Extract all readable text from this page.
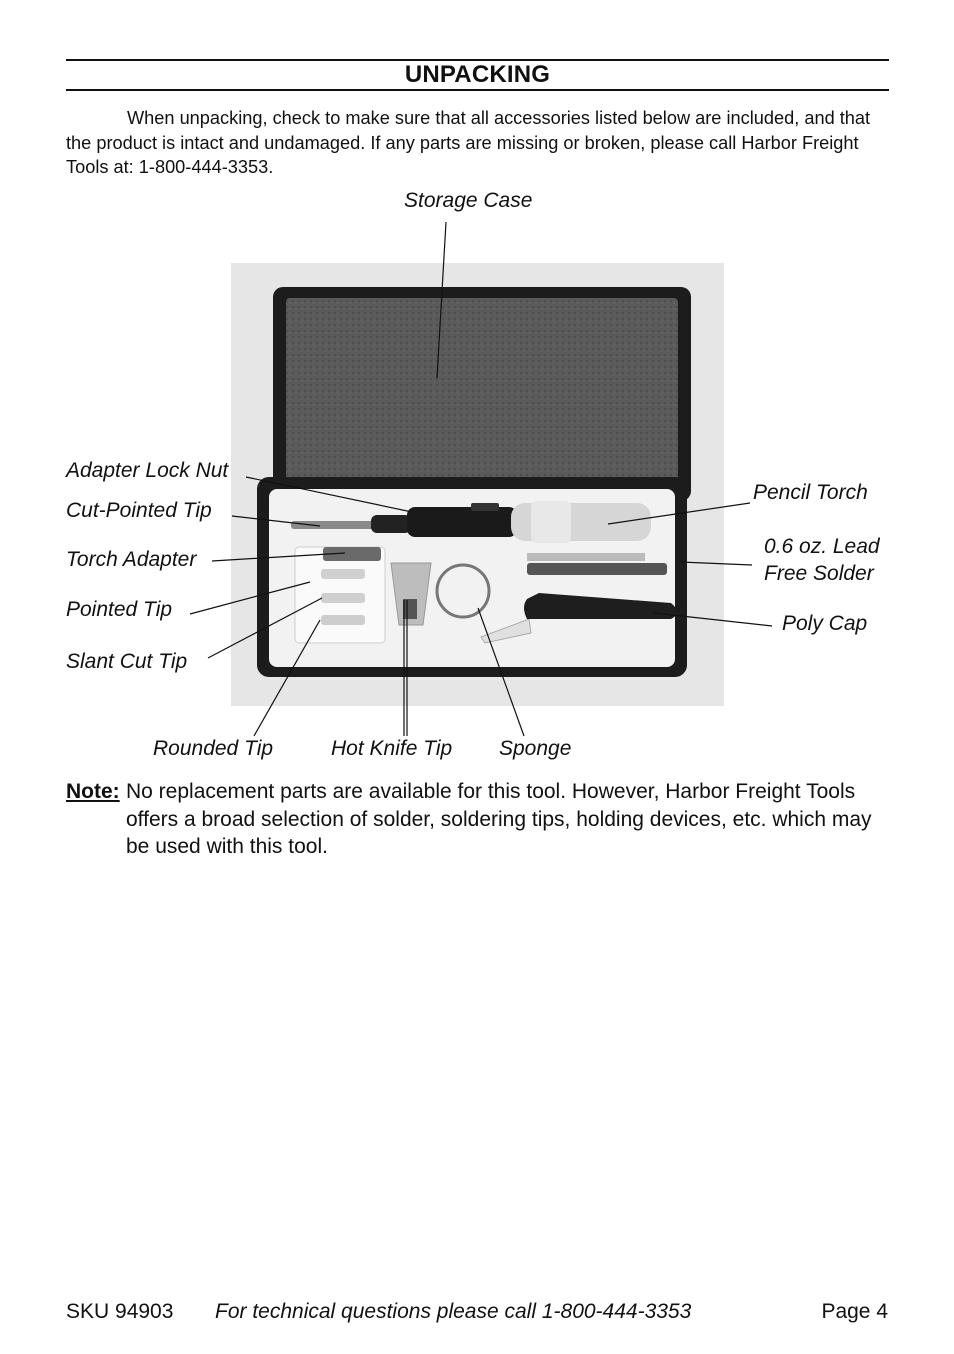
UNPACKING
When unpacking, check to make sure that all accessories listed below are included, and that the product is intact and undamaged. If any parts are missing or broken, please call Harbor Freight Tools at: 1-800-444-3353.
Storage Case
Adapter Lock Nut
Cut-Pointed Tip
Torch Adapter
Pointed Tip
Slant Cut Tip
Pencil Torch
0.6 oz. Lead
Free Solder
Poly Cap
Rounded Tip	Hot Knife Tip Sponge
Note: No replacement parts are available for this tool. However, Harbor Freight Tools offers a broad selection of solder, soldering tips, holding devices, etc. which may be used with this tool.
SKU 94903 For technical questions please call 1-800-444-3353	Page 4
